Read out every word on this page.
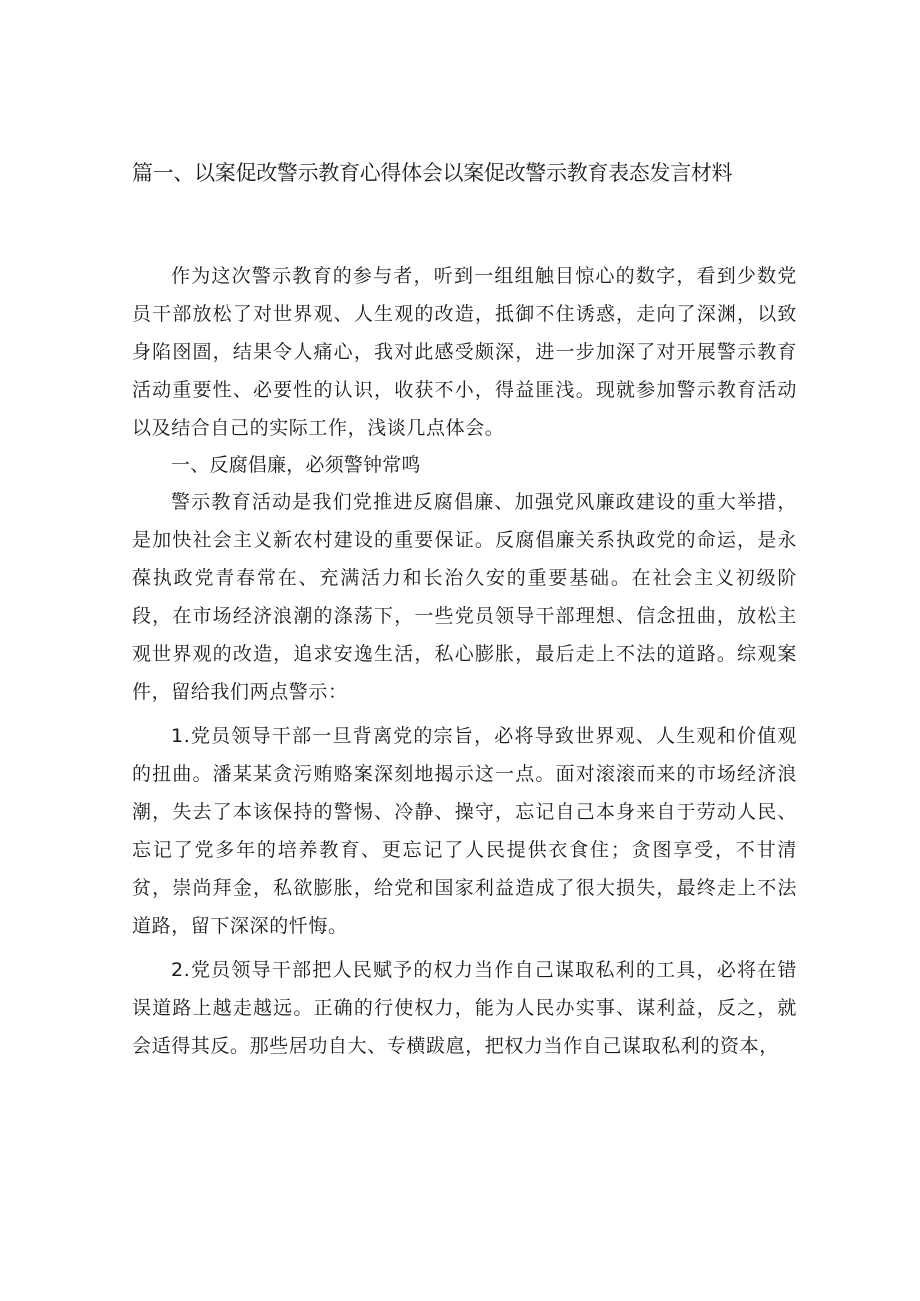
篇一、以案促改警示教育心得体会以案促改警示教育表态发言材料

作为这次警示教育的参与者，听到一组组触目惊心的数字，看到少数党员干部放松了对世界观、人生观的改造，抵御不住诱惑，走向了深渊，以致身陷囹圄，结果令人痛心，我对此感受颇深，进一步加深了对开展警示教育活动重要性、必要性的认识，收获不小，得益匪浅。现就参加警示教育活动以及结合自己的实际工作，浅谈几点体会。

一、反腐倡廉，必须警钟常鸣

警示教育活动是我们党推进反腐倡廉、加强党风廉政建设的重大举措，是加快社会主义新农村建设的重要保证。反腐倡廉关系执政党的命运，是永葆执政党青春常在、充满活力和长治久安的重要基础。在社会主义初级阶段，在市场经济浪潮的涤荡下，一些党员领导干部理想、信念扭曲，放松主观世界观的改造，追求安逸生活，私心膨胀，最后走上不法的道路。综观案件，留给我们两点警示：

1.党员领导干部一旦背离党的宗旨，必将导致世界观、人生观和价值观的扭曲。潘某某贪污贿赂案深刻地揭示这一点。面对滚滚而来的市场经济浪潮，失去了本该保持的警惕、冷静、操守，忘记自己本身来自于劳动人民、忘记了党多年的培养教育、更忘记了人民提供衣食住；贪图享受，不甘清贫，崇尚拜金，私欲膨胀，给党和国家利益造成了很大损失，最终走上不法道路，留下深深的忏悔。

2.党员领导干部把人民赋予的权力当作自己谋取私利的工具，必将在错误道路上越走越远。正确的行使权力，能为人民办实事、谋利益，反之，就会适得其反。那些居功自大、专横跋扈，把权力当作自己谋取私利的资本，
